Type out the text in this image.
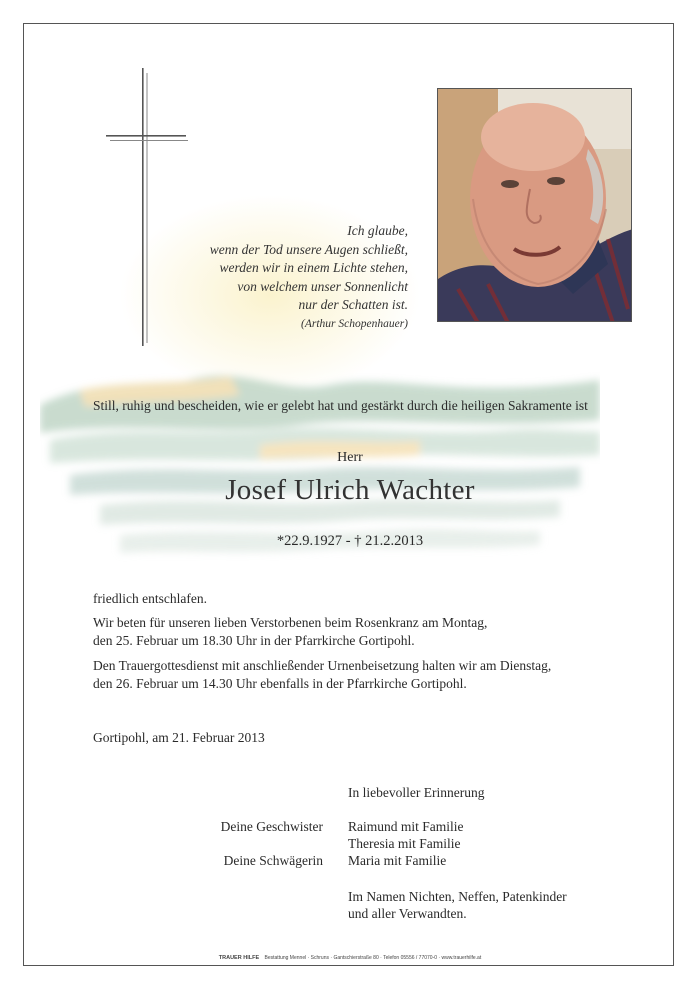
Ich glaube,
wenn der Tod unsere Augen schließt,
werden wir in einem Lichte stehen,
von welchem unser Sonnenlicht
nur der Schatten ist.
(Arthur Schopenhauer)
Still, ruhig und bescheiden, wie er gelebt hat und gestärkt durch die heiligen Sakramente ist
Herr
Josef Ulrich Wachter
*22.9.1927 - † 21.2.2013
friedlich entschlafen.
Wir beten für unseren lieben Verstorbenen beim Rosenkranz am Montag,
den 25. Februar um 18.30 Uhr in der Pfarrkirche Gortipohl.
Den Trauergottesdienst mit anschließender Urnenbeisetzung halten wir am Dienstag,
den 26. Februar um 14.30 Uhr ebenfalls in der Pfarrkirche Gortipohl.
Gortipohl, am 21. Februar 2013
In liebevoller Erinnerung
Deine Geschwister Raimund mit Familie
Theresia mit Familie
Deine Schwägerin Maria mit Familie
Im Namen Nichten, Neffen, Patenkinder
und aller Verwandten.
TRAUER HILFE Bestattung Mennel · Schruns · Gantschierstraße 80 · Telefon 05556 / 77070-0 · www.trauerhilfe.at
